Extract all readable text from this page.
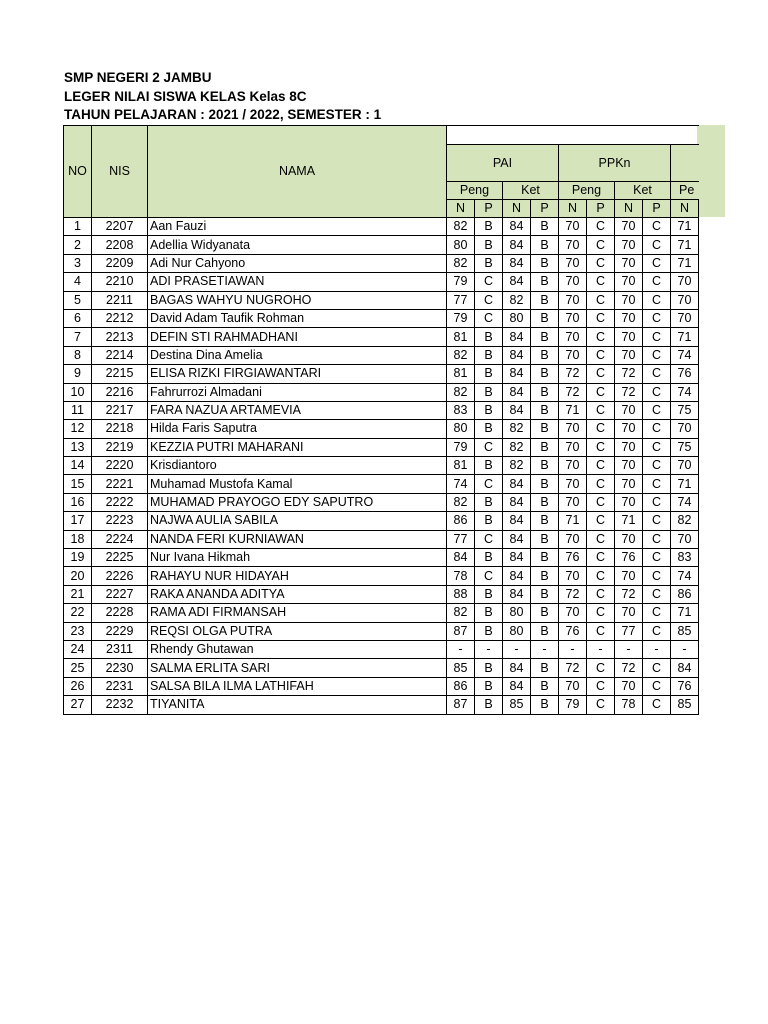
SMP NEGERI 2 JAMBU
LEGER NILAI SISWA KELAS Kelas 8C
TAHUN PELAJARAN : 2021 / 2022, SEMESTER : 1
NO	NIS	NAMA									
			PAI				PPKn				
			Peng		Ket		Peng		Ket		Pe
			N	P	N	P	N	P	N	P	N
1	2207	Aan Fauzi	82	B	84	B	70	C	70	C	71
2	2208	Adellia Widyanata	80	B	84	B	70	C	70	C	71
3	2209	Adi Nur Cahyono	82	B	84	B	70	C	70	C	71
4	2210	ADI PRASETIAWAN	79	C	84	B	70	C	70	C	70
5	2211	BAGAS WAHYU NUGROHO	77	C	82	B	70	C	70	C	70
6	2212	David Adam Taufik Rohman	79	C	80	B	70	C	70	C	70
7	2213	DEFIN STI RAHMADHANI	81	B	84	B	70	C	70	C	71
8	2214	Destina Dina Amelia	82	B	84	B	70	C	70	C	74
9	2215	ELISA RIZKI FIRGIAWANTARI	81	B	84	B	72	C	72	C	76
10	2216	Fahrurrozi Almadani	82	B	84	B	72	C	72	C	74
11	2217	FARA NAZUA ARTAMEVIA	83	B	84	B	71	C	70	C	75
12	2218	Hilda Faris Saputra	80	B	82	B	70	C	70	C	70
13	2219	KEZZIA PUTRI MAHARANI	79	C	82	B	70	C	70	C	75
14	2220	Krisdiantoro	81	B	82	B	70	C	70	C	70
15	2221	Muhamad Mustofa Kamal	74	C	84	B	70	C	70	C	71
16	2222	MUHAMAD PRAYOGO EDY SAPUTRO	82	B	84	B	70	C	70	C	74
17	2223	NAJWA AULIA SABILA	86	B	84	B	71	C	71	C	82
18	2224	NANDA FERI KURNIAWAN	77	C	84	B	70	C	70	C	70
19	2225	Nur Ivana Hikmah	84	B	84	B	76	C	76	C	83
20	2226	RAHAYU NUR HIDAYAH	78	C	84	B	70	C	70	C	74
21	2227	RAKA ANANDA ADITYA	88	B	84	B	72	C	72	C	86
22	2228	RAMA ADI FIRMANSAH	82	B	80	B	70	C	70	C	71
23	2229	REQSI OLGA PUTRA	87	B	80	B	76	C	77	C	85
24	2311	Rhendy Ghutawan	-	-	-	-	-	-	-	-	-
25	2230	SALMA ERLITA SARI	85	B	84	B	72	C	72	C	84
26	2231	SALSA BILA ILMA LATHIFAH	86	B	84	B	70	C	70	C	76
27	2232	TIYANITA	87	B	85	B	79	C	78	C	85
